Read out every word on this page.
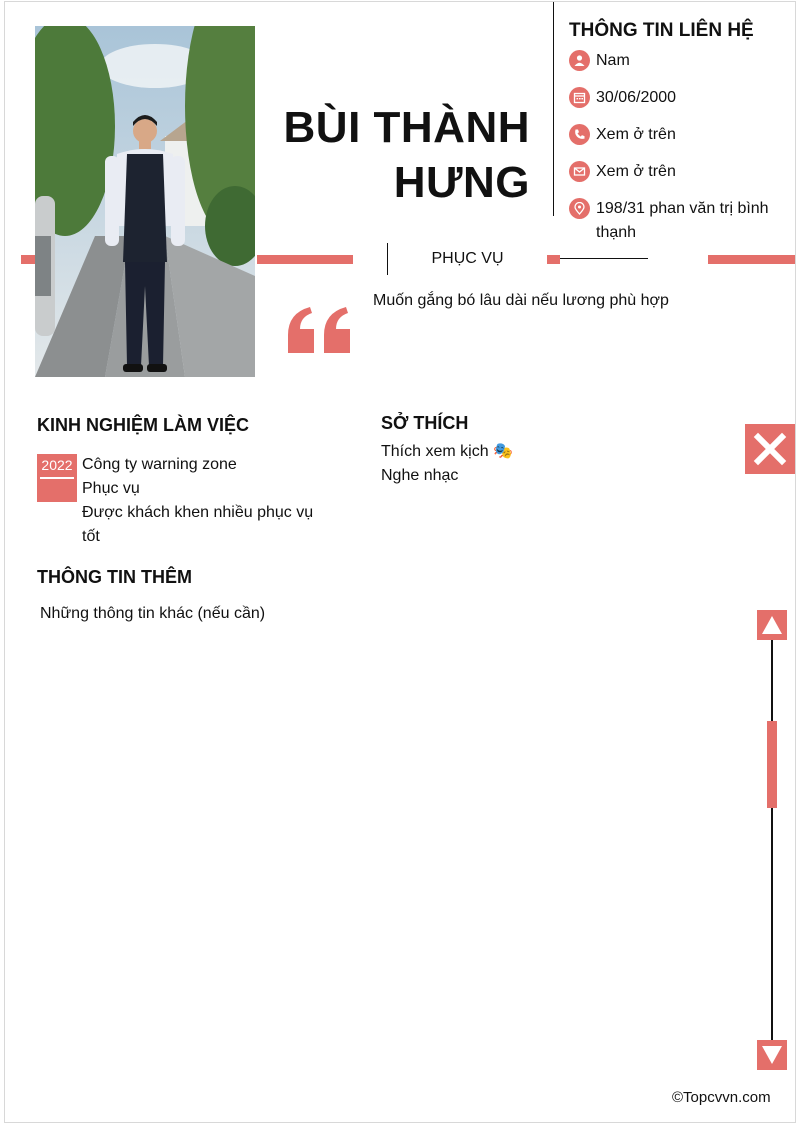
BÙI THÀNH
HƯNG
THÔNG TIN LIÊN HỆ
Nam
30/06/2000
Xem ở trên
Xem ở trên
198/31 phan văn trị bình thạnh
PHỤC VỤ
Muốn gắng bó lâu dài nếu lương phù hợp
KINH NGHIỆM LÀM VIỆC
2022 Công ty warning zone
Phục vụ
Được khách khen nhiều phục vụ tốt
SỞ THÍCH
Thích xem kịch 🎭
Nghe nhạc
THÔNG TIN THÊM
Những thông tin khác (nếu cần)
©Topcvvn.com
